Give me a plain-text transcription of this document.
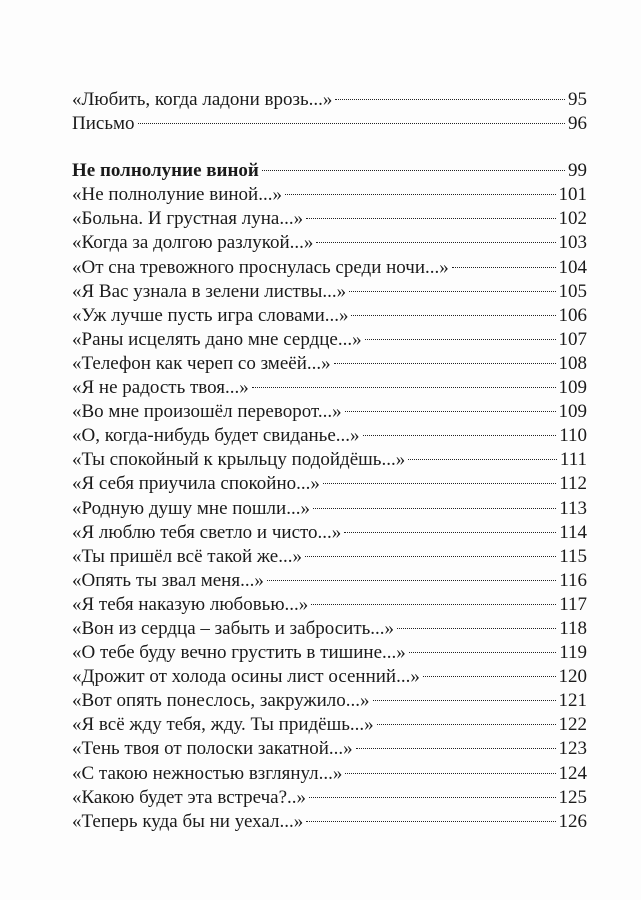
«Любить, когда ладони врозь...»	95
Письмо	96
Не полнолуние виной	99
«Не полнолуние виной...»	101
«Больна. И грустная луна...»	102
«Когда за долгою разлукой...»	103
«От сна тревожного проснулась среди ночи...»	104
«Я Вас узнала в зелени листвы...»	105
«Уж лучше пусть игра словами...»	106
«Раны исцелять дано мне сердце...»	107
«Телефон как череп со змеёй...»	108
«Я не радость твоя...»	109
«Во мне произошёл переворот...»	109
«О, когда-нибудь будет свиданье...»	110
«Ты спокойный к крыльцу подойдёшь...»	111
«Я себя приучила спокойно...»	112
«Родную душу мне пошли...»	113
«Я люблю тебя светло и чисто...»	114
«Ты пришёл всё такой же...»	115
«Опять ты звал меня...»	116
«Я тебя наказую любовью...»	117
«Вон из сердца – забыть и забросить...»	118
«О тебе буду вечно грустить в тишине...»	119
«Дрожит от холода осины лист осенний...»	120
«Вот опять понеслось, закружило...»	121
«Я всё жду тебя, жду. Ты придёшь...»	122
«Тень твоя от полоски закатной...»	123
«С такою нежностью взглянул...»	124
«Какою будет эта встреча?..»	125
«Теперь куда бы ни уехал...»	126
